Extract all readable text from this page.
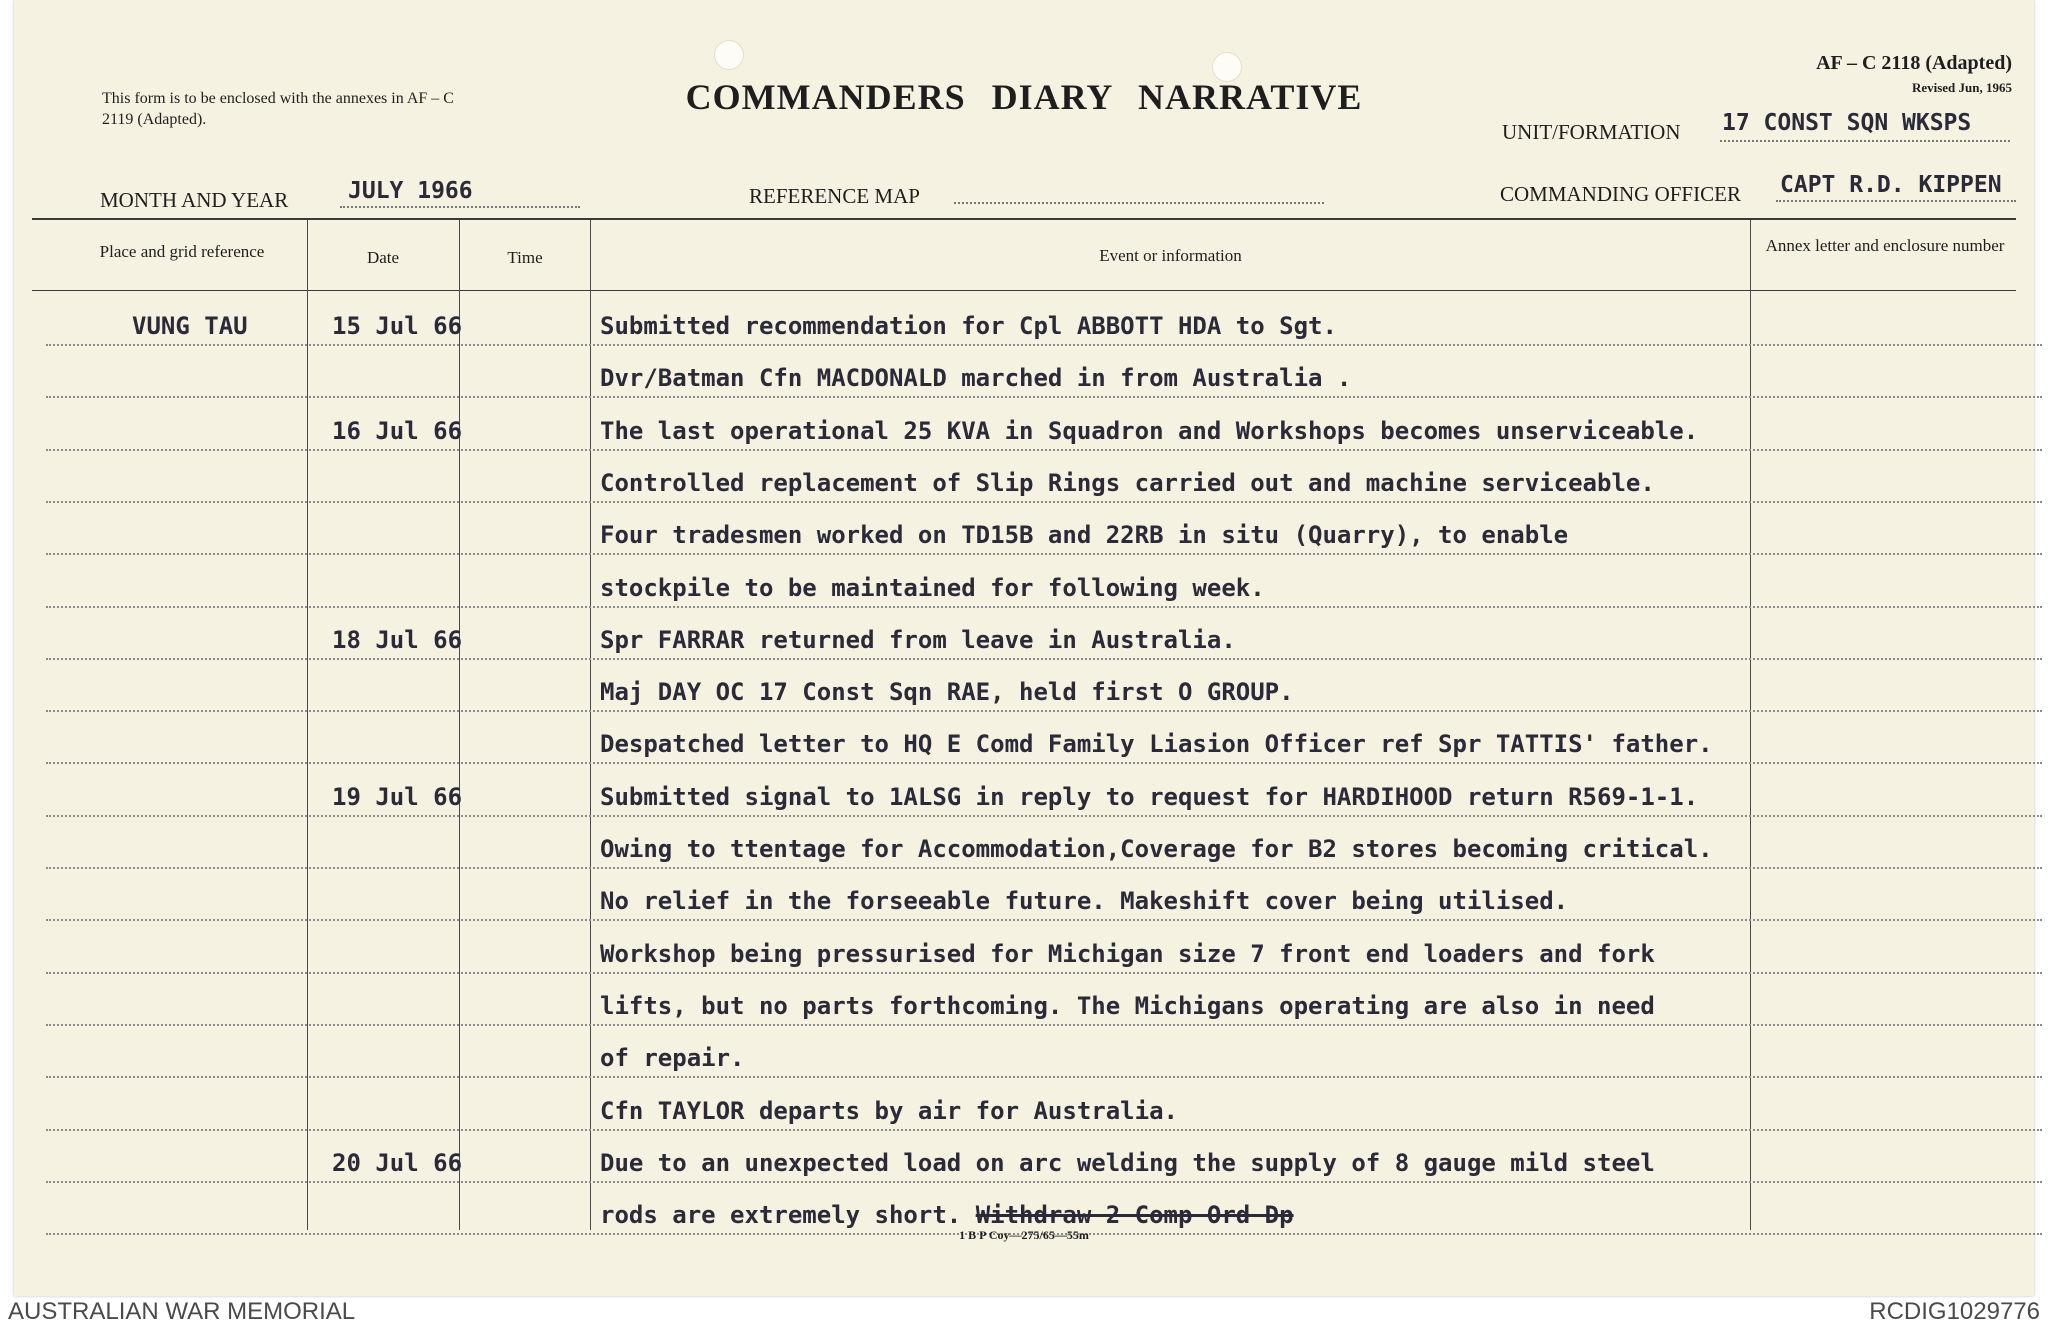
This form is to be enclosed with the annexes in AF – C 2119 (Adapted).
COMMANDERS DIARY NARRATIVE
AF – C 2118 (Adapted)
Revised Jun, 1965
UNIT/FORMATION 17 CONST SQN WKSPS
MONTH AND YEAR	JULY 1966	REFERENCE MAP	COMMANDING OFFICER CAPT R.D. KIPPEN
Place and grid reference	Date	Time	Event or information
Annex letter and enclosure number
VUNG TAU	15 Jul 66	Submitted recommendation for Cpl ABBOTT HDA to Sgt.
Dvr/Batman Cfn MACDONALD marched in from Australia .
16 Jul 66	The last operational 25 KVA in Squadron and Workshops becomes unserviceable.
Controlled replacement of Slip Rings carried out and machine serviceable.
Four tradesmen worked on TD15B and 22RB in situ (Quarry), to enable
stockpile to be maintained for following week.
18 Jul 66	Spr FARRAR returned from leave in Australia.
Maj DAY OC 17 Const Sqn RAE, held first O GROUP.
Despatched letter to HQ E Comd Family Liasion Officer ref Spr TATTIS' father.
19 Jul 66	Submitted signal to 1ALSG in reply to request for HARDIHOOD return R569-1-1.
Owing to ttentage for Accommodation,Coverage for B2 stores becoming critical.
No relief in the forseeable future. Makeshift cover being utilised.
Workshop being pressurised for Michigan size 7 front end loaders and fork
lifts, but no parts forthcoming. The Michigans operating are also in need
of repair.
Cfn TAYLOR departs by air for Australia.
20 Jul 66	Due to an unexpected load on arc welding the supply of 8 gauge mild steel
rods are extremely short. Withdraw 2 Comp Ord Dp
1 B P Coy—275/65—55m
AUSTRALIAN WAR MEMORIAL	RCDIG1029776
